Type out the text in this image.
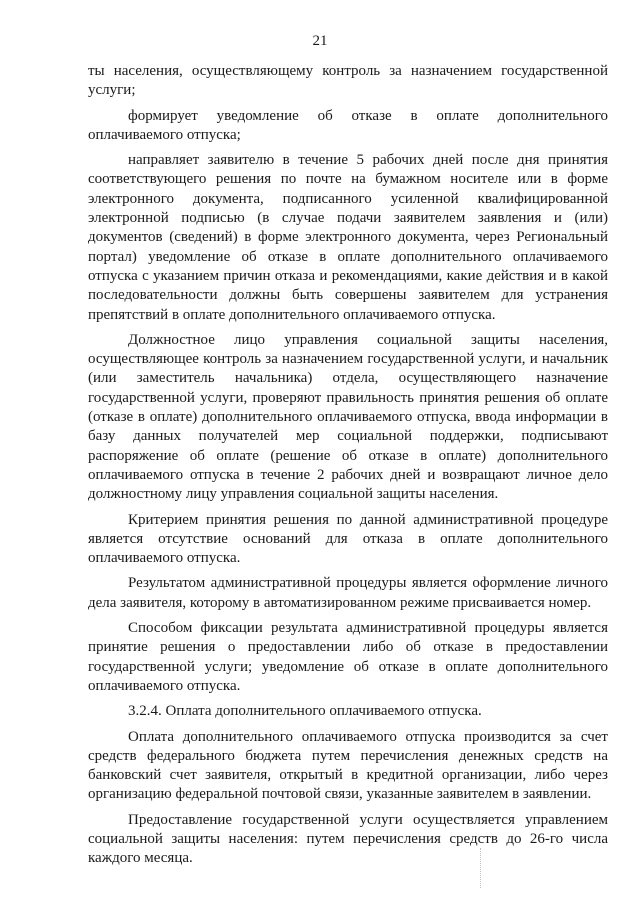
21

ты населения, осуществляющему контроль за назначением государственной услуги;

формирует уведомление об отказе в оплате дополнительного оплачиваемого отпуска;

направляет заявителю в течение 5 рабочих дней после дня принятия соответствующего решения по почте на бумажном носителе или в форме электронного документа, подписанного усиленной квалифицированной электронной подписью (в случае подачи заявителем заявления и (или) документов (сведений) в форме электронного документа, через Региональный портал) уведомление об отказе в оплате дополнительного оплачиваемого отпуска с указанием причин отказа и рекомендациями, какие действия и в какой последовательности должны быть совершены заявителем для устранения препятствий в оплате дополнительного оплачиваемого отпуска.

Должностное лицо управления социальной защиты населения, осуществляющее контроль за назначением государственной услуги, и начальник (или заместитель начальника) отдела, осуществляющего назначение государственной услуги, проверяют правильность принятия решения об оплате (отказе в оплате) дополнительного оплачиваемого отпуска, ввода информации в базу данных получателей мер социальной поддержки, подписывают распоряжение об оплате (решение об отказе в оплате) дополнительного оплачиваемого отпуска в течение 2 рабочих дней и возвращают личное дело должностному лицу управления социальной защиты населения.

Критерием принятия решения по данной административной процедуре является отсутствие оснований для отказа в оплате дополнительного оплачиваемого отпуска.

Результатом административной процедуры является оформление личного дела заявителя, которому в автоматизированном режиме присваивается номер.

Способом фиксации результата административной процедуры является принятие решения о предоставлении либо об отказе в предоставлении государственной услуги; уведомление об отказе в оплате дополнительного оплачиваемого отпуска.

3.2.4. Оплата дополнительного оплачиваемого отпуска.

Оплата дополнительного оплачиваемого отпуска производится за счет средств федерального бюджета путем перечисления денежных средств на банковский счет заявителя, открытый в кредитной организации, либо через организацию федеральной почтовой связи, указанные заявителем в заявлении.

Предоставление государственной услуги осуществляется управлением социальной защиты населения: путем перечисления средств до 26-го числа каждого месяца.
